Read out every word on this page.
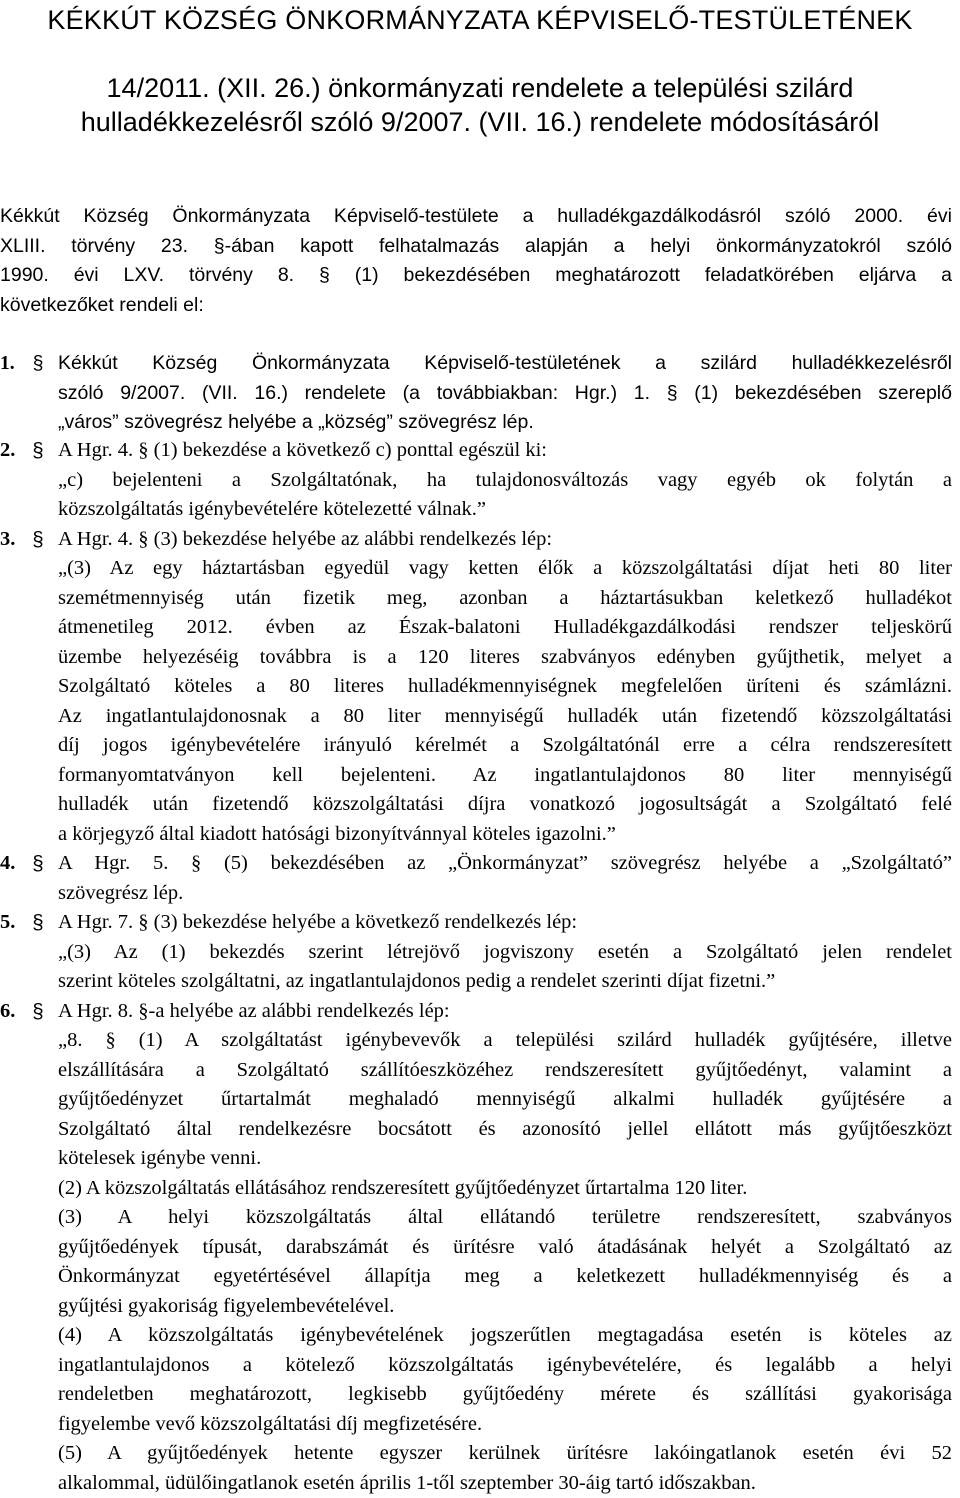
KÉKKÚT KÖZSÉG ÖNKORMÁNYZATA KÉPVISELŐ-TESTÜLETÉNEK
14/2011. (XII. 26.) önkormányzati rendelete a települési szilárd
hulladékkezelésről szóló 9/2007. (VII. 16.) rendelete módosításáról
Kékkút Község Önkormányzata Képviselő-testülete a hulladékgazdálkodásról szóló 2000. évi
XLIII. törvény 23. §-ában kapott felhatalmazás alapján a helyi önkormányzatokról szóló
1990. évi LXV. törvény 8. § (1) bekezdésében meghatározott feladatkörében eljárva a
következőket rendeli el:
1. § Kékkút Község Önkormányzata Képviselő-testületének a szilárd hulladékkezelésről
szóló 9/2007. (VII. 16.) rendelete (a továbbiakban: Hgr.) 1. § (1) bekezdésében szereplő
„város” szövegrész helyébe a „község” szövegrész lép.
2. § A Hgr. 4. § (1) bekezdése a következő c) ponttal egészül ki:
„c) bejelenteni a Szolgáltatónak, ha tulajdonosváltozás vagy egyéb ok folytán a
közszolgáltatás igénybevételére kötelezetté válnak.”
3. § A Hgr. 4. § (3) bekezdése helyébe az alábbi rendelkezés lép:
„(3) Az egy háztartásban egyedül vagy ketten élők a közszolgáltatási díjat heti 80 liter
szemétmennyiség után fizetik meg, azonban a háztartásukban keletkező hulladékot
átmenetileg 2012. évben az Észak-balatoni Hulladékgazdálkodási rendszer teljeskörű
üzembe helyezéséig továbbra is a 120 literes szabványos edényben gyűjthetik, melyet a
Szolgáltató köteles a 80 literes hulladékmennyiségnek megfelelően üríteni és számlázni.
Az ingatlantulajdonosnak a 80 liter mennyiségű hulladék után fizetendő közszolgáltatási
díj jogos igénybevételére irányuló kérelmét a Szolgáltatónál erre a célra rendszeresített
formanyomtatványon kell bejelenteni. Az ingatlantulajdonos 80 liter mennyiségű
hulladék után fizetendő közszolgáltatási díjra vonatkozó jogosultságát a Szolgáltató felé
a körjegyző által kiadott hatósági bizonyítvánnyal köteles igazolni.”
4. § A Hgr. 5. § (5) bekezdésében az „Önkormányzat” szövegrész helyébe a „Szolgáltató”
szövegrész lép.
5. § A Hgr. 7. § (3) bekezdése helyébe a következő rendelkezés lép:
„(3) Az (1) bekezdés szerint létrejövő jogviszony esetén a Szolgáltató jelen rendelet
szerint köteles szolgáltatni, az ingatlantulajdonos pedig a rendelet szerinti díjat fizetni.”
6. § A Hgr. 8. §-a helyébe az alábbi rendelkezés lép:
„8. § (1) A szolgáltatást igénybevevők a települési szilárd hulladék gyűjtésére, illetve
elszállítására a Szolgáltató szállítóeszközéhez rendszeresített gyűjtőedényt, valamint a
gyűjtőedényzet űrtartalmát meghaladó mennyiségű alkalmi hulladék gyűjtésére a
Szolgáltató által rendelkezésre bocsátott és azonosító jellel ellátott más gyűjtőeszközt
kötelesek igénybe venni.
(2) A közszolgáltatás ellátásához rendszeresített gyűjtőedényzet űrtartalma 120 liter.
(3) A helyi közszolgáltatás által ellátandó területre rendszeresített, szabványos
gyűjtőedények típusát, darabszámát és ürítésre való átadásának helyét a Szolgáltató az
Önkormányzat egyetértésével állapítja meg a keletkezett hulladékmennyiség és a
gyűjtési gyakoriság figyelembevételével.
(4) A közszolgáltatás igénybevételének jogszerűtlen megtagadása esetén is köteles az
ingatlantulajdonos a kötelező közszolgáltatás igénybevételére, és legalább a helyi
rendeletben meghatározott, legkisebb gyűjtőedény mérete és szállítási gyakorisága
figyelembe vevő közszolgáltatási díj megfizetésére.
(5) A gyűjtőedények hetente egyszer kerülnek ürítésre lakóingatlanok esetén évi 52
alkalommal, üdülőingatlanok esetén április 1-től szeptember 30-áig tartó időszakban.
